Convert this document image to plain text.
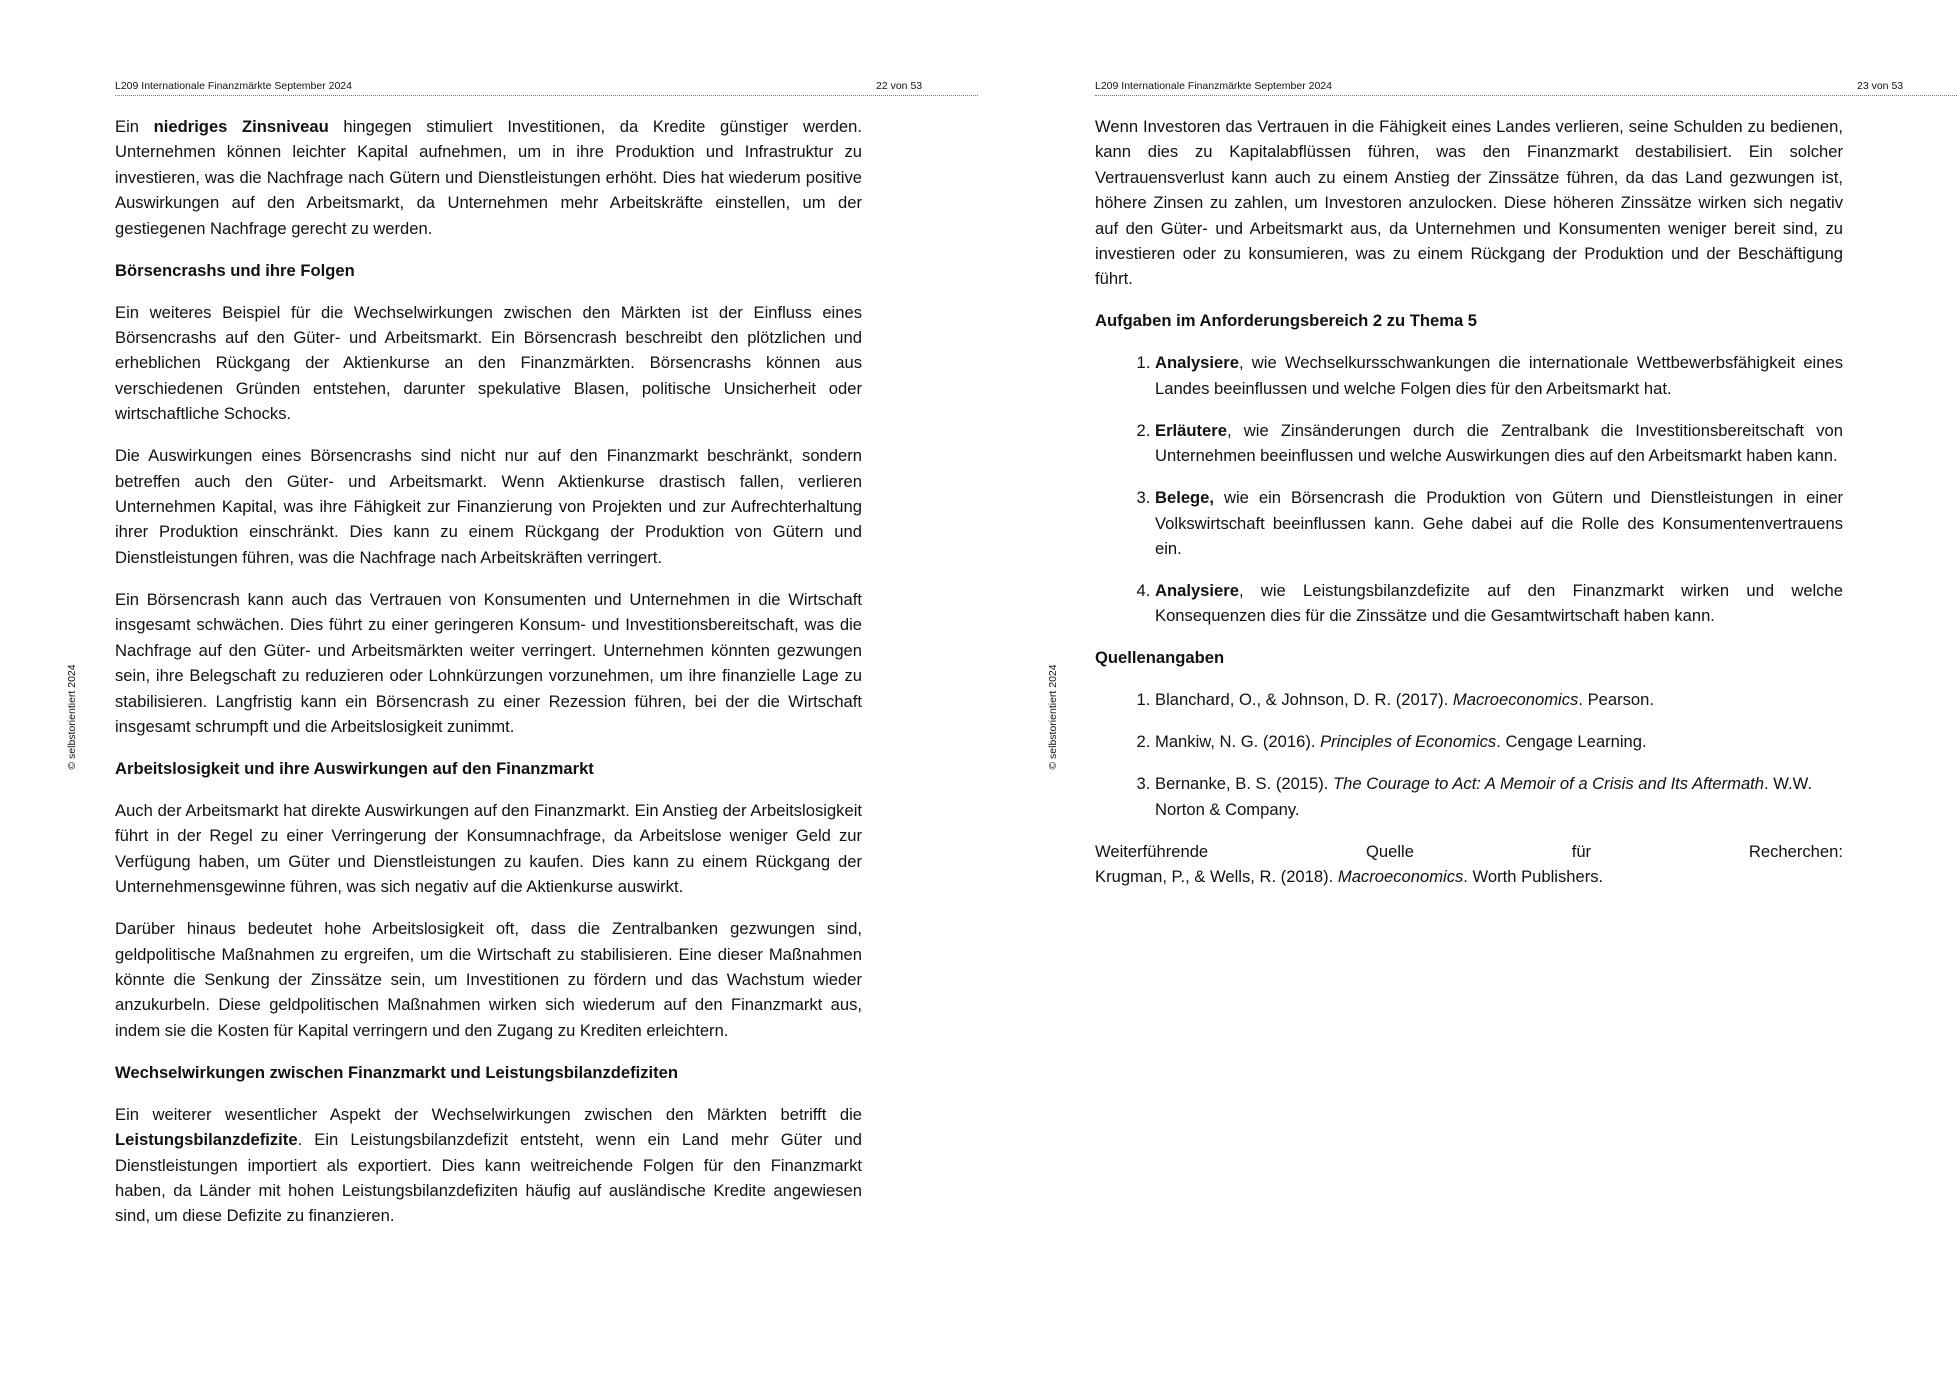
L209 Internationale Finanzmärkte September 2024	22 von 53
© selbstorientiert 2024

Ein niedriges Zinsniveau hingegen stimuliert Investitionen, da Kredite günstiger werden. Unternehmen können leichter Kapital aufnehmen, um in ihre Produktion und Infrastruktur zu investieren, was die Nachfrage nach Gütern und Dienstleistungen erhöht. Dies hat wiederum positive Auswirkungen auf den Arbeitsmarkt, da Unternehmen mehr Arbeitskräfte einstellen, um der gestiegenen Nachfrage gerecht zu werden.

Börsencrashs und ihre Folgen

Ein weiteres Beispiel für die Wechselwirkungen zwischen den Märkten ist der Einfluss eines Börsencrashs auf den Güter- und Arbeitsmarkt. Ein Börsencrash beschreibt den plötzlichen und erheblichen Rückgang der Aktienkurse an den Finanzmärkten. Börsencrashs können aus verschiedenen Gründen entstehen, darunter spekulative Blasen, politische Unsicherheit oder wirtschaftliche Schocks.

Die Auswirkungen eines Börsencrashs sind nicht nur auf den Finanzmarkt beschränkt, sondern betreffen auch den Güter- und Arbeitsmarkt. Wenn Aktienkurse drastisch fallen, verlieren Unternehmen Kapital, was ihre Fähigkeit zur Finanzierung von Projekten und zur Aufrechterhaltung ihrer Produktion einschränkt. Dies kann zu einem Rückgang der Produktion von Gütern und Dienstleistungen führen, was die Nachfrage nach Arbeitskräften verringert.

Ein Börsencrash kann auch das Vertrauen von Konsumenten und Unternehmen in die Wirtschaft insgesamt schwächen. Dies führt zu einer geringeren Konsum- und Investitionsbereitschaft, was die Nachfrage auf den Güter- und Arbeitsmärkten weiter verringert. Unternehmen könnten gezwungen sein, ihre Belegschaft zu reduzieren oder Lohnkürzungen vorzunehmen, um ihre finanzielle Lage zu stabilisieren. Langfristig kann ein Börsencrash zu einer Rezession führen, bei der die Wirtschaft insgesamt schrumpft und die Arbeitslosigkeit zunimmt.

Arbeitslosigkeit und ihre Auswirkungen auf den Finanzmarkt

Auch der Arbeitsmarkt hat direkte Auswirkungen auf den Finanzmarkt. Ein Anstieg der Arbeitslosigkeit führt in der Regel zu einer Verringerung der Konsumnachfrage, da Arbeitslose weniger Geld zur Verfügung haben, um Güter und Dienstleistungen zu kaufen. Dies kann zu einem Rückgang der Unternehmensgewinne führen, was sich negativ auf die Aktienkurse auswirkt.

Darüber hinaus bedeutet hohe Arbeitslosigkeit oft, dass die Zentralbanken gezwungen sind, geldpolitische Maßnahmen zu ergreifen, um die Wirtschaft zu stabilisieren. Eine dieser Maßnahmen könnte die Senkung der Zinssätze sein, um Investitionen zu fördern und das Wachstum wieder anzukurbeln. Diese geldpolitischen Maßnahmen wirken sich wiederum auf den Finanzmarkt aus, indem sie die Kosten für Kapital verringern und den Zugang zu Krediten erleichtern.

Wechselwirkungen zwischen Finanzmarkt und Leistungsbilanzdefiziten

Ein weiterer wesentlicher Aspekt der Wechselwirkungen zwischen den Märkten betrifft die Leistungsbilanzdefizite. Ein Leistungsbilanzdefizit entsteht, wenn ein Land mehr Güter und Dienstleistungen importiert als exportiert. Dies kann weitreichende Folgen für den Finanzmarkt haben, da Länder mit hohen Leistungsbilanzdefiziten häufig auf ausländische Kredite angewiesen sind, um diese Defizite zu finanzieren.

L209 Internationale Finanzmärkte September 2024	23 von 53
© selbstorientiert 2024

Wenn Investoren das Vertrauen in die Fähigkeit eines Landes verlieren, seine Schulden zu bedienen, kann dies zu Kapitalabflüssen führen, was den Finanzmarkt destabilisiert. Ein solcher Vertrauensverlust kann auch zu einem Anstieg der Zinssätze führen, da das Land gezwungen ist, höhere Zinsen zu zahlen, um Investoren anzulocken. Diese höheren Zinssätze wirken sich negativ auf den Güter- und Arbeitsmarkt aus, da Unternehmen und Konsumenten weniger bereit sind, zu investieren oder zu konsumieren, was zu einem Rückgang der Produktion und der Beschäftigung führt.

Aufgaben im Anforderungsbereich 2 zu Thema 5
1. Analysiere, wie Wechselkursschwankungen die internationale Wettbewerbsfähigkeit eines Landes beeinflussen und welche Folgen dies für den Arbeitsmarkt hat.
2. Erläutere, wie Zinsänderungen durch die Zentralbank die Investitionsbereitschaft von Unternehmen beeinflussen und welche Auswirkungen dies auf den Arbeitsmarkt haben kann.
3. Belege, wie ein Börsencrash die Produktion von Gütern und Dienstleistungen in einer Volkswirtschaft beeinflussen kann. Gehe dabei auf die Rolle des Konsumentenvertrauens ein.
4. Analysiere, wie Leistungsbilanzdefizite auf den Finanzmarkt wirken und welche Konsequenzen dies für die Zinssätze und die Gesamtwirtschaft haben kann.
Quellenangaben
1. Blanchard, O., & Johnson, D. R. (2017). Macroeconomics. Pearson.
2. Mankiw, N. G. (2016). Principles of Economics. Cengage Learning.
3. Bernanke, B. S. (2015). The Courage to Act: A Memoir of a Crisis and Its Aftermath. W.W. Norton & Company.
Weiterführende	Quelle	für	Recherchen:
Krugman, P., & Wells, R. (2018). Macroeconomics. Worth Publishers.
